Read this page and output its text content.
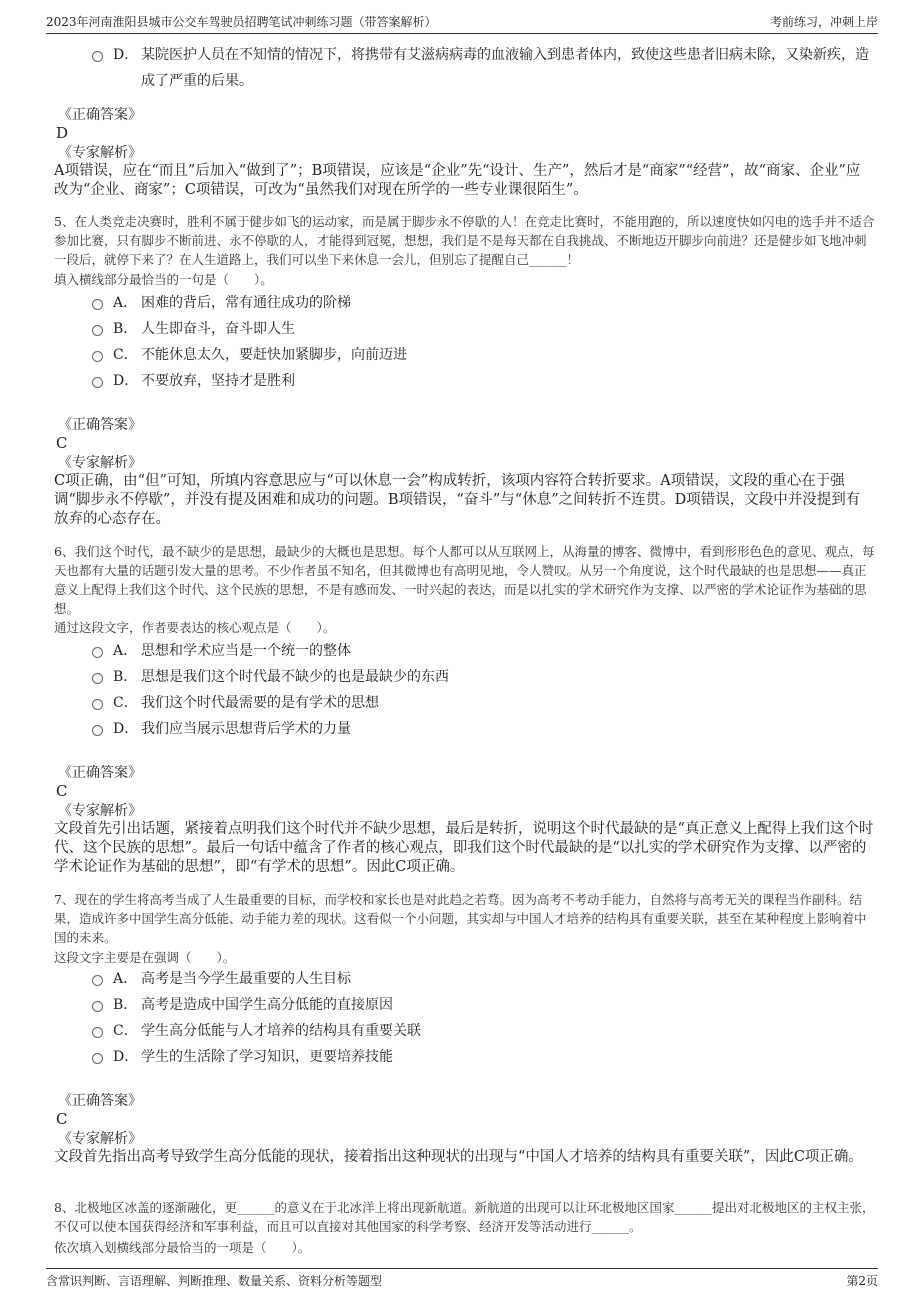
2023年河南淮阳县城市公交车驾驶员招聘笔试冲刺练习题（带答案解析）	考前练习，冲刺上岸
D． 某院医护人员在不知情的情况下，将携带有艾滋病病毒的血液输入到患者体内，致使这些患者旧病未除，又染新疾，造成了严重的后果。
《正确答案》
D
《专家解析》
A项错误，应在“而且”后加入“做到了”；B项错误，应该是“企业”先“设计、生产”，然后才是“商家”“经营”，故“商家、企业”应改为“企业、商家”；C项错误，可改为“虽然我们对现在所学的一些专业课很陌生”。
5、在人类竞走决赛时，胜利不属于健步如飞的运动家，而是属于脚步永不停歇的人！在竞走比赛时，不能用跑的，所以速度快如闪电的选手并不适合参加比赛，只有脚步不断前进、永不停歇的人，才能得到冠冕，想想，我们是不是每天都在自我挑战、不断地迈开脚步向前进？还是健步如飞地冲刺一段后，就停下来了？在人生道路上，我们可以坐下来休息一会儿，但别忘了提醒自己______！
填入横线部分最恰当的一句是（　　）。
A． 困难的背后，常有通往成功的阶梯
B． 人生即奋斗，奋斗即人生
C． 不能休息太久，要赶快加紧脚步，向前迈进
D． 不要放弃，坚持才是胜利
《正确答案》
C
《专家解析》
C项正确，由“但”可知，所填内容意思应与“可以休息一会”构成转折，该项内容符合转折要求。A项错误，文段的重心在于强调“脚步永不停歇”，并没有提及困难和成功的问题。B项错误，“奋斗”与“休息”之间转折不连贯。D项错误，文段中并没提到有放弃的心态存在。
6、我们这个时代，最不缺少的是思想，最缺少的大概也是思想。每个人都可以从互联网上，从海量的博客、微博中，看到形形色色的意见、观点，每天也都有大量的话题引发大量的思考。不少作者虽不知名，但其微博也有高明见地，令人赞叹。从另一个角度说，这个时代最缺的也是思想——真正意义上配得上我们这个时代、这个民族的思想，不是有感而发、一时兴起的表达，而是以扎实的学术研究作为支撑、以严密的学术论证作为基础的思想。
通过这段文字，作者要表达的核心观点是（　　）。
A． 思想和学术应当是一个统一的整体
B． 思想是我们这个时代最不缺少的也是最缺少的东西
C． 我们这个时代最需要的是有学术的思想
D． 我们应当展示思想背后学术的力量
《正确答案》
C
《专家解析》
文段首先引出话题，紧接着点明我们这个时代并不缺少思想，最后是转折，说明这个时代最缺的是“真正意义上配得上我们这个时代、这个民族的思想”。最后一句话中蕴含了作者的核心观点，即我们这个时代最缺的是“以扎实的学术研究作为支撑、以严密的学术论证作为基础的思想”，即“有学术的思想”。因此C项正确。
7、现在的学生将高考当成了人生最重要的目标，而学校和家长也是对此趋之若骛。因为高考不考动手能力，自然将与高考无关的课程当作副科。结果，造成许多中国学生高分低能、动手能力差的现状。这看似一个小问题，其实却与中国人才培养的结构具有重要关联，甚至在某种程度上影响着中国的未来。
这段文字主要是在强调（　　）。
A． 高考是当今学生最重要的人生目标
B． 高考是造成中国学生高分低能的直接原因
C． 学生高分低能与人才培养的结构具有重要关联
D． 学生的生活除了学习知识，更要培养技能
《正确答案》
C
《专家解析》
文段首先指出高考导致学生高分低能的现状，接着指出这种现状的出现与“中国人才培养的结构具有重要关联”，因此C项正确。
8、北极地区冰盖的逐渐融化，更______的意义在于北冰洋上将出现新航道。新航道的出现可以让环北极地区国家______提出对北极地区的主权主张，不仅可以使本国获得经济和军事利益，而且可以直接对其他国家的科学考察、经济开发等活动进行______。
依次填入划横线部分最恰当的一项是（　　）。
含常识判断、言语理解、判断推理、数量关系、资料分析等题型	第2页
